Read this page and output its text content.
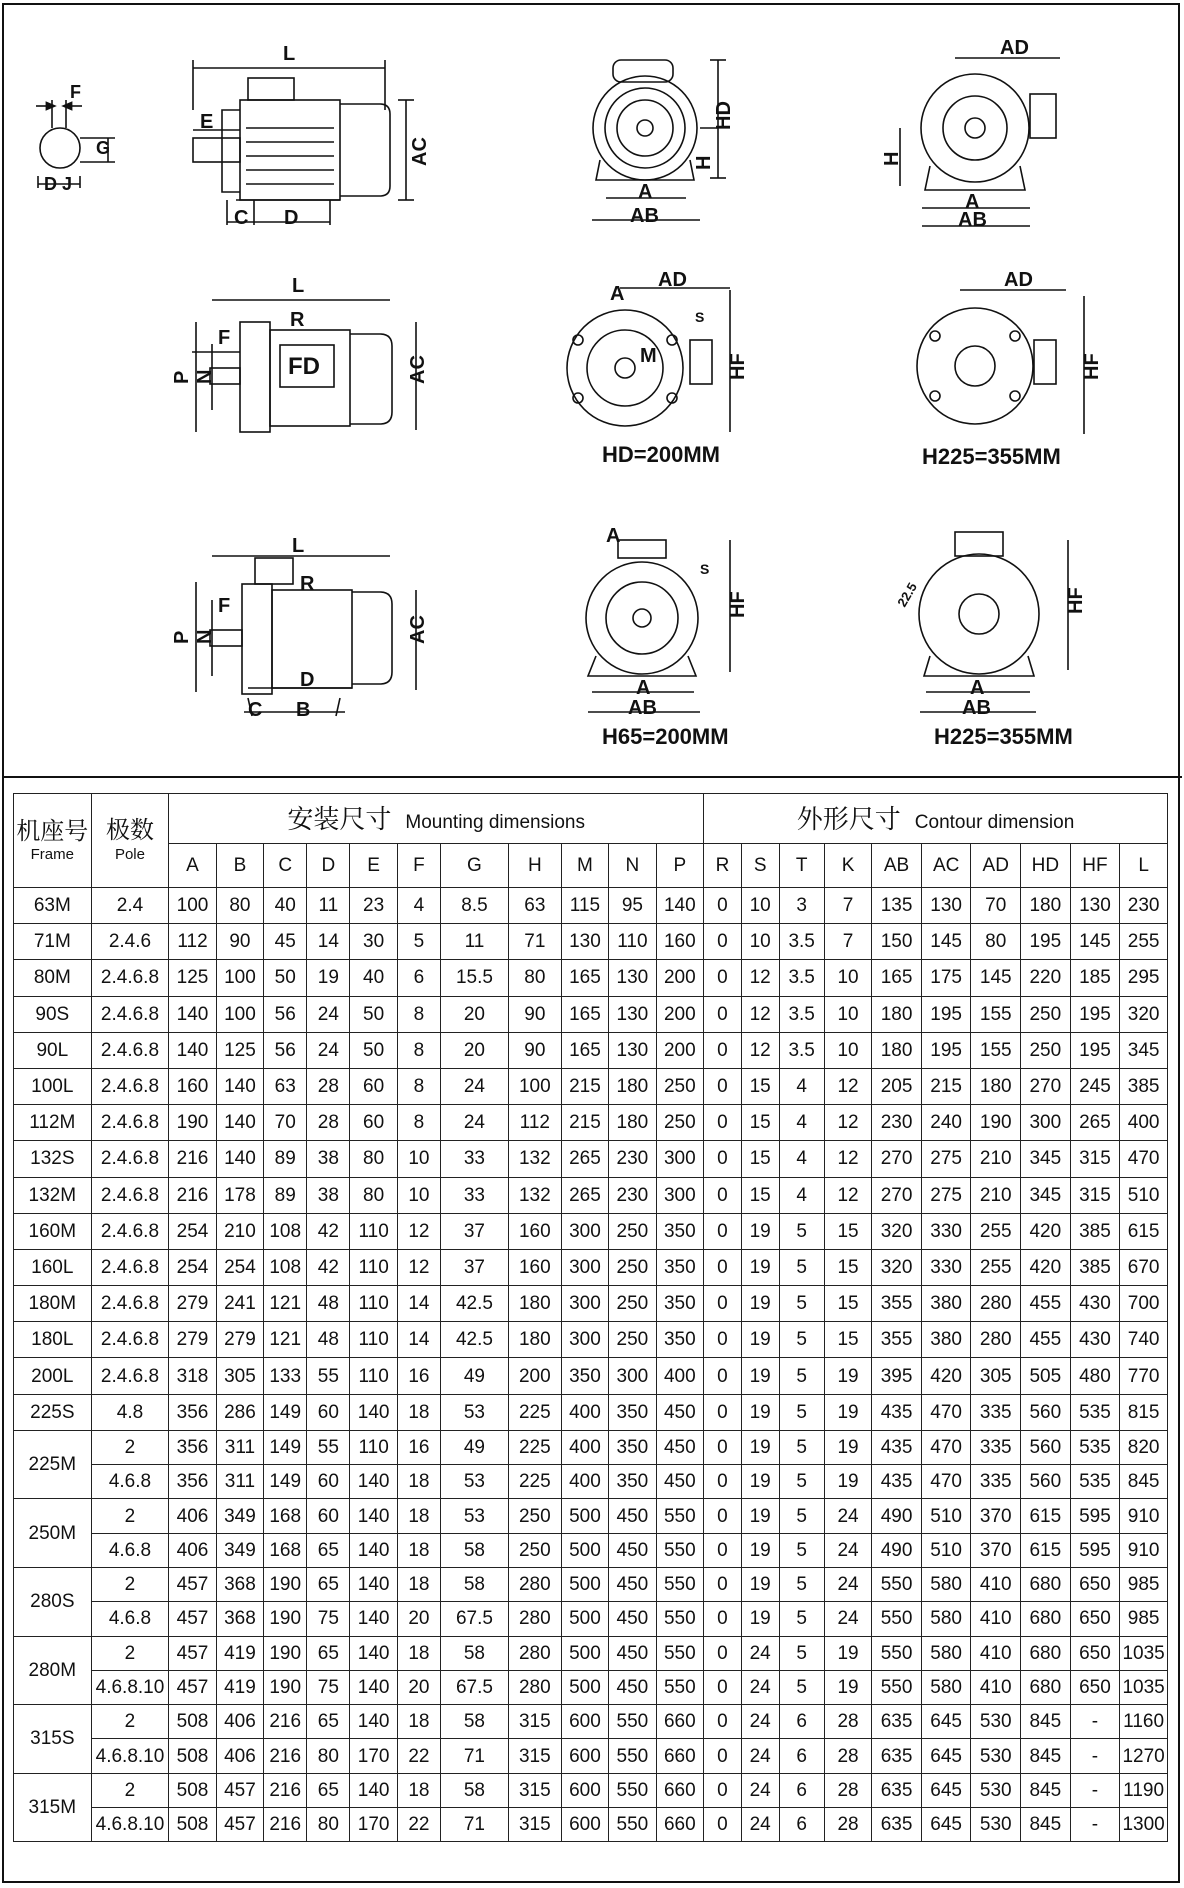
F
G
D J
L
E
AC
C D
HD
H
A
AB
AD
H
A
AB
L
R
F
P N	AC
FD
AD
A
M
S
HF
HD=200MM
AD
HF
H225=355MM
L
R
F
P N	AC
D
C B
A
S
HF
A
AB
H65=200MM
22.5	HF
A
AB
H225=355MM
机座号
Frame	极数
Pole	安装尺寸 Mounting dimensions											外形尺寸 Contour dimension									
		A	B	C	D	E	F	G	H	M	N	P	R	S	T	K	AB	AC	AD	HD	HF	L
63M	2.4	100	80	40	11	23	4	8.5	63	115	95	140	0	10	3	7	135	130	70	180	130	230
71M	2.4.6	112	90	45	14	30	5	11	71	130	110	160	0	10	3.5	7	150	145	80	195	145	255
80M	2.4.6.8	125	100	50	19	40	6	15.5	80	165	130	200	0	12	3.5	10	165	175	145	220	185	295
90S	2.4.6.8	140	100	56	24	50	8	20	90	165	130	200	0	12	3.5	10	180	195	155	250	195	320
90L	2.4.6.8	140	125	56	24	50	8	20	90	165	130	200	0	12	3.5	10	180	195	155	250	195	345
100L	2.4.6.8	160	140	63	28	60	8	24	100	215	180	250	0	15	4	12	205	215	180	270	245	385
112M	2.4.6.8	190	140	70	28	60	8	24	112	215	180	250	0	15	4	12	230	240	190	300	265	400
132S	2.4.6.8	216	140	89	38	80	10	33	132	265	230	300	0	15	4	12	270	275	210	345	315	470
132M	2.4.6.8	216	178	89	38	80	10	33	132	265	230	300	0	15	4	12	270	275	210	345	315	510
160M	2.4.6.8	254	210	108	42	110	12	37	160	300	250	350	0	19	5	15	320	330	255	420	385	615
160L	2.4.6.8	254	254	108	42	110	12	37	160	300	250	350	0	19	5	15	320	330	255	420	385	670
180M	2.4.6.8	279	241	121	48	110	14	42.5	180	300	250	350	0	19	5	15	355	380	280	455	430	700
180L	2.4.6.8	279	279	121	48	110	14	42.5	180	300	250	350	0	19	5	15	355	380	280	455	430	740
200L	2.4.6.8	318	305	133	55	110	16	49	200	350	300	400	0	19	5	19	395	420	305	505	480	770
225S	4.8	356	286	149	60	140	18	53	225	400	350	450	0	19	5	19	435	470	335	560	535	815
225M	2	356	311	149	55	110	16	49	225	400	350	450	0	19	5	19	435	470	335	560	535	820
	4.6.8	356	311	149	60	140	18	53	225	400	350	450	0	19	5	19	435	470	335	560	535	845
250M	2	406	349	168	60	140	18	53	250	500	450	550	0	19	5	24	490	510	370	615	595	910
	4.6.8	406	349	168	65	140	18	58	250	500	450	550	0	19	5	24	490	510	370	615	595	910
280S	2	457	368	190	65	140	18	58	280	500	450	550	0	19	5	24	550	580	410	680	650	985
	4.6.8	457	368	190	75	140	20	67.5	280	500	450	550	0	19	5	24	550	580	410	680	650	985
280M	2	457	419	190	65	140	18	58	280	500	450	550	0	24	5	19	550	580	410	680	650	1035
	4.6.8.10	457	419	190	75	140	20	67.5	280	500	450	550	0	24	5	19	550	580	410	680	650	1035
315S	2	508	406	216	65	140	18	58	315	600	550	660	0	24	6	28	635	645	530	845	-	1160
	4.6.8.10	508	406	216	80	170	22	71	315	600	550	660	0	24	6	28	635	645	530	845	-	1270
315M	2	508	457	216	65	140	18	58	315	600	550	660	0	24	6	28	635	645	530	845	-	1190
	4.6.8.10	508	457	216	80	170	22	71	315	600	550	660	0	24	6	28	635	645	530	845	-	1300
